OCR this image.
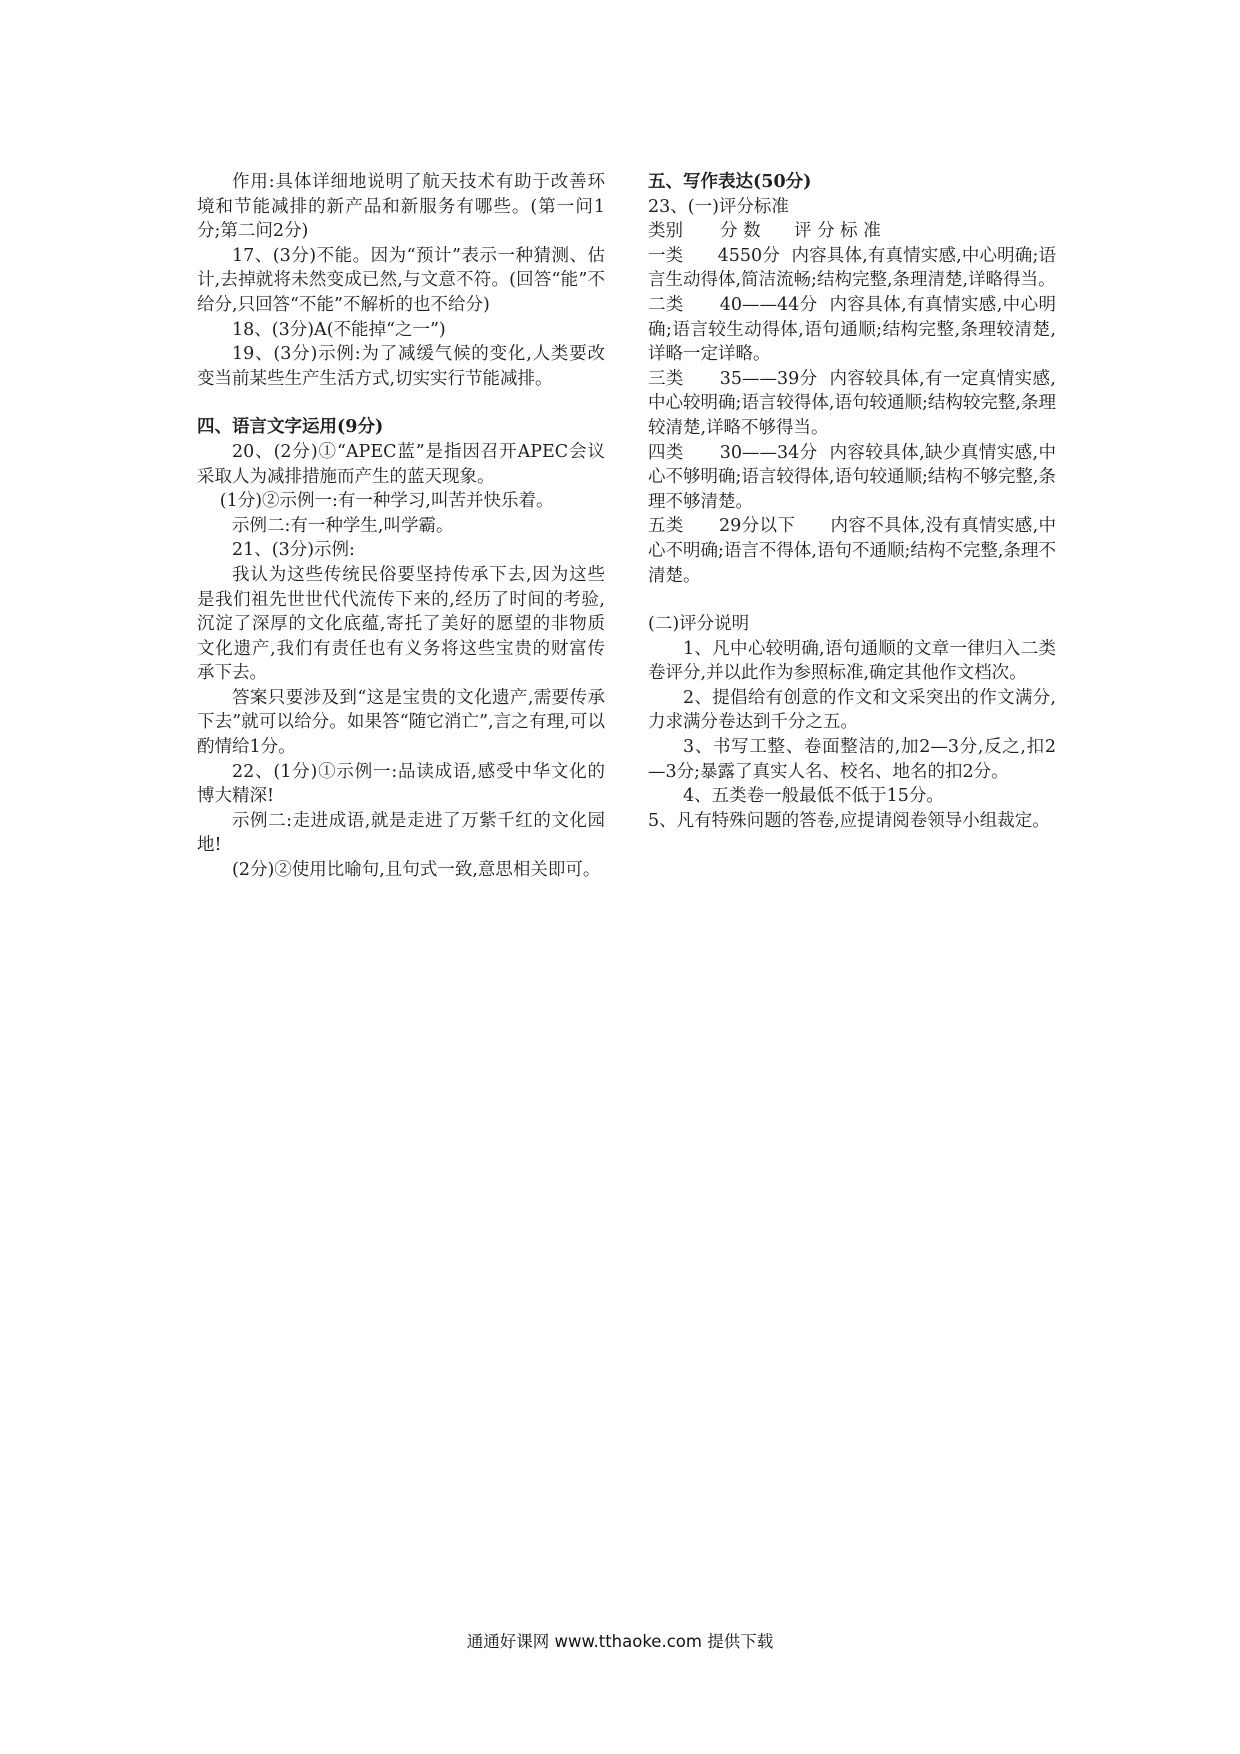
作用:具体详细地说明了航天技术有助于改善环境和节能减排的新产品和新服务有哪些。(第一问1分;第二问2分)

17、(3分)不能。因为“预计”表示一种猜测、估计,去掉就将未然变成已然,与文意不符。(回答“能”不给分,只回答“不能”不解析的也不给分)

18、(3分)A(不能掉“之一”)

19、(3分)示例:为了减缓气候的变化,人类要改变当前某些生产生活方式,切实实行节能减排。

四、语言文字运用(9分)

20、(2分)①“APEC蓝”是指因召开APEC会议采取人为减排措施而产生的蓝天现象。

(1分)②示例一:有一种学习,叫苦并快乐着。

示例二:有一种学生,叫学霸。

21、(3分)示例:

我认为这些传统民俗要坚持传承下去,因为这些是我们祖先世世代代流传下来的,经历了时间的考验,沉淀了深厚的文化底蕴,寄托了美好的愿望的非物质文化遗产,我们有责任也有义务将这些宝贵的财富传承下去。

答案只要涉及到“这是宝贵的文化遗产,需要传承下去”就可以给分。如果答“随它消亡”,言之有理,可以酌情给1分。

22、(1分)①示例一:品读成语,感受中华文化的博大精深!

示例二:走进成语,就是走进了万紫千红的文化园地!

(2分)②使用比喻句,且句式一致,意思相关即可。

五、写作表达(50分)

23、(一)评分标准

类别	分 数	评 分 标 准

一类 4550分 内容具体,有真情实感,中心明确;语言生动得体,简洁流畅;结构完整,条理清楚,详略得当。

二类 40——44分 内容具体,有真情实感,中心明确;语言较生动得体,语句通顺;结构完整,条理较清楚,详略一定详略。

三类 35——39分 内容较具体,有一定真情实感,中心较明确;语言较得体,语句较通顺;结构较完整,条理较清楚,详略不够得当。

四类 30——34分 内容较具体,缺少真情实感,中心不够明确;语言较得体,语句较通顺;结构不够完整,条理不够清楚。

五类 29分以下 内容不具体,没有真情实感,中心不明确;语言不得体,语句不通顺;结构不完整,条理不清楚。

(二)评分说明

1、凡中心较明确,语句通顺的文章一律归入二类卷评分,并以此作为参照标准,确定其他作文档次。

2、提倡给有创意的作文和文采突出的作文满分,力求满分卷达到千分之五。

3、书写工整、卷面整洁的,加2—3分,反之,扣2—3分;暴露了真实人名、校名、地名的扣2分。

4、五类卷一般最低不低于15分。

5、凡有特殊问题的答卷,应提请阅卷领导小组裁定。

通通好课网 www.tthaoke.com 提供下载
